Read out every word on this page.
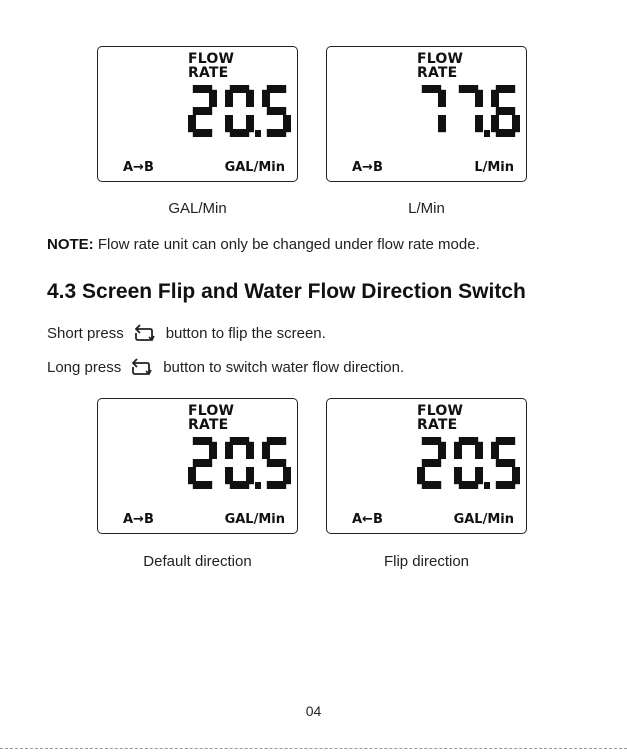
FLOW
RATE
A→B	GAL/Min
GAL/Min
FLOW
RATE
A→B	L/Min
L/Min
NOTE: Flow rate unit can only be changed under flow rate mode.
4.3 Screen Flip and Water Flow Direction Switch
Short press	button to flip the screen.
Long press	button to switch water flow direction.
FLOW
RATE
A→B	GAL/Min
Default direction
FLOW
RATE
A←B	GAL/Min
Flip direction
04
